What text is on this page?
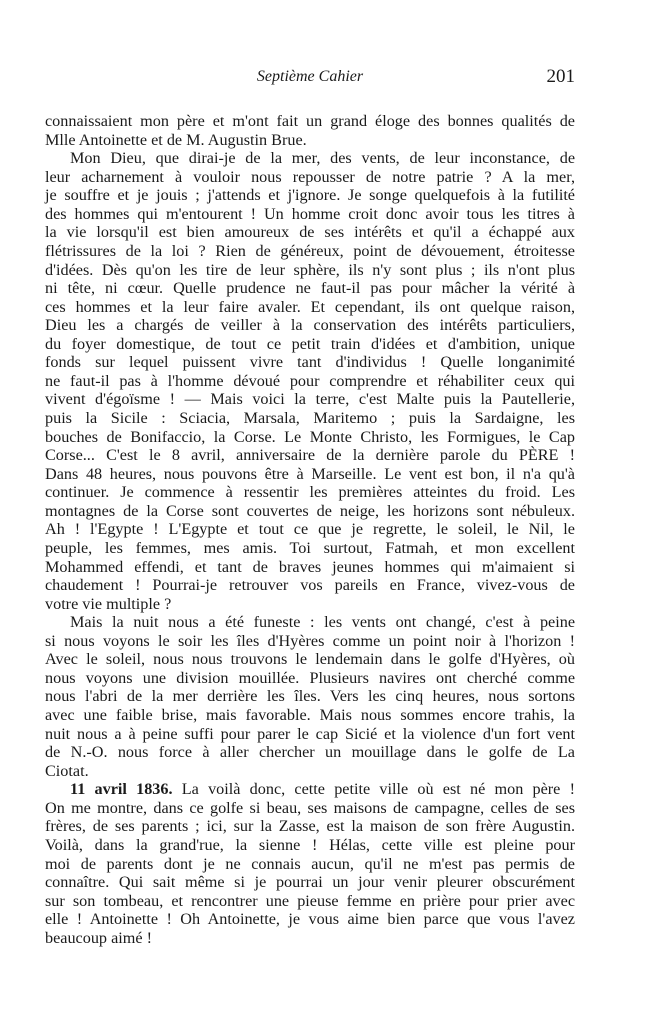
Septième Cahier	201
connaissaient mon père et m'ont fait un grand éloge des bonnes qualités de
Mlle Antoinette et de M. Augustin Brue.
Mon Dieu, que dirai-je de la mer, des vents, de leur inconstance, de
leur acharnement à vouloir nous repousser de notre patrie ? A la mer,
je souffre et je jouis ; j'attends et j'ignore. Je songe quelquefois à la futilité
des hommes qui m'entourent ! Un homme croit donc avoir tous les titres à
la vie lorsqu'il est bien amoureux de ses intérêts et qu'il a échappé aux
flétrissures de la loi ? Rien de généreux, point de dévouement, étroitesse
d'idées. Dès qu'on les tire de leur sphère, ils n'y sont plus ; ils n'ont plus
ni tête, ni cœur. Quelle prudence ne faut-il pas pour mâcher la vérité à
ces hommes et la leur faire avaler. Et cependant, ils ont quelque raison,
Dieu les a chargés de veiller à la conservation des intérêts particuliers,
du foyer domestique, de tout ce petit train d'idées et d'ambition, unique
fonds sur lequel puissent vivre tant d'individus ! Quelle longanimité
ne faut-il pas à l'homme dévoué pour comprendre et réhabiliter ceux qui
vivent d'égoïsme ! — Mais voici la terre, c'est Malte puis la Pautellerie,
puis la Sicile : Sciacia, Marsala, Maritemo ; puis la Sardaigne, les
bouches de Bonifaccio, la Corse. Le Monte Christo, les Formigues, le Cap
Corse... C'est le 8 avril, anniversaire de la dernière parole du PÈRE !
Dans 48 heures, nous pouvons être à Marseille. Le vent est bon, il n'a qu'à
continuer. Je commence à ressentir les premières atteintes du froid. Les
montagnes de la Corse sont couvertes de neige, les horizons sont nébuleux.
Ah ! l'Egypte ! L'Egypte et tout ce que je regrette, le soleil, le Nil, le
peuple, les femmes, mes amis. Toi surtout, Fatmah, et mon excellent
Mohammed effendi, et tant de braves jeunes hommes qui m'aimaient si
chaudement ! Pourrai-je retrouver vos pareils en France, vivez-vous de
votre vie multiple ?
Mais la nuit nous a été funeste : les vents ont changé, c'est à peine
si nous voyons le soir les îles d'Hyères comme un point noir à l'horizon !
Avec le soleil, nous nous trouvons le lendemain dans le golfe d'Hyères, où
nous voyons une division mouillée. Plusieurs navires ont cherché comme
nous l'abri de la mer derrière les îles. Vers les cinq heures, nous sortons
avec une faible brise, mais favorable. Mais nous sommes encore trahis, la
nuit nous a à peine suffi pour parer le cap Sicié et la violence d'un fort vent
de N.-O. nous force à aller chercher un mouillage dans le golfe de La
Ciotat.
11 avril 1836. La voilà donc, cette petite ville où est né mon père !
On me montre, dans ce golfe si beau, ses maisons de campagne, celles de ses
frères, de ses parents ; ici, sur la Zasse, est la maison de son frère Augustin.
Voilà, dans la grand'rue, la sienne ! Hélas, cette ville est pleine pour
moi de parents dont je ne connais aucun, qu'il ne m'est pas permis de
connaître. Qui sait même si je pourrai un jour venir pleurer obscurément
sur son tombeau, et rencontrer une pieuse femme en prière pour prier avec
elle ! Antoinette ! Oh Antoinette, je vous aime bien parce que vous l'avez
beaucoup aimé !
